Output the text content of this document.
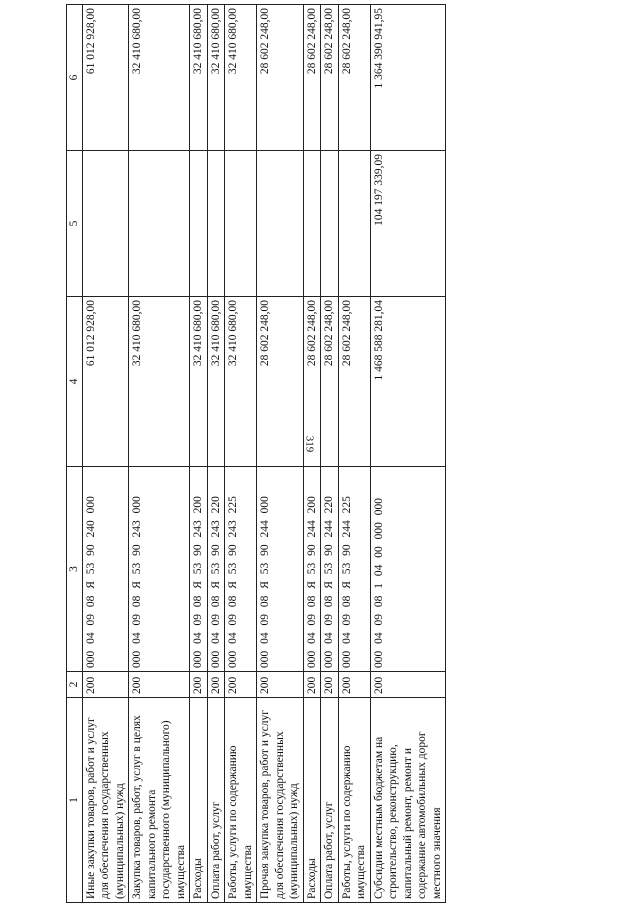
319
1	2	3	4	5	6
Иные закупки товаров, работ и услуг для обеспечения государственных (муниципальных) нужд	200	000 04 09 08 Я 53 90 240 000	61 012 928,00		61 012 928,00
Закупка товаров, работ, услуг в целях капитального ремонта государственного (муниципального) имущества	200	000 04 09 08 Я 53 90 243 000	32 410 680,00		32 410 680,00
Расходы	200	000 04 09 08 Я 53 90 243 200	32 410 680,00		32 410 680,00
Оплата работ, услуг	200	000 04 09 08 Я 53 90 243 220	32 410 680,00		32 410 680,00
Работы, услуги по содержанию имущества	200	000 04 09 08 Я 53 90 243 225	32 410 680,00		32 410 680,00
Прочая закупка товаров, работ и услуг для обеспечения государственных (муниципальных) нужд	200	000 04 09 08 Я 53 90 244 000	28 602 248,00		28 602 248,00
Расходы	200	000 04 09 08 Я 53 90 244 200	28 602 248,00		28 602 248,00
Оплата работ, услуг	200	000 04 09 08 Я 53 90 244 220	28 602 248,00		28 602 248,00
Работы, услуги по содержанию имущества	200	000 04 09 08 Я 53 90 244 225	28 602 248,00		28 602 248,00
Субсидии местным бюджетам на строительство, реконструкцию, капитальный ремонт, ремонт и содержание автомобильных дорог местного значения	200	000 04 09 08 1 04 00 000 000	1 468 588 281,04	104 197 339,09	1 364 390 941,95
